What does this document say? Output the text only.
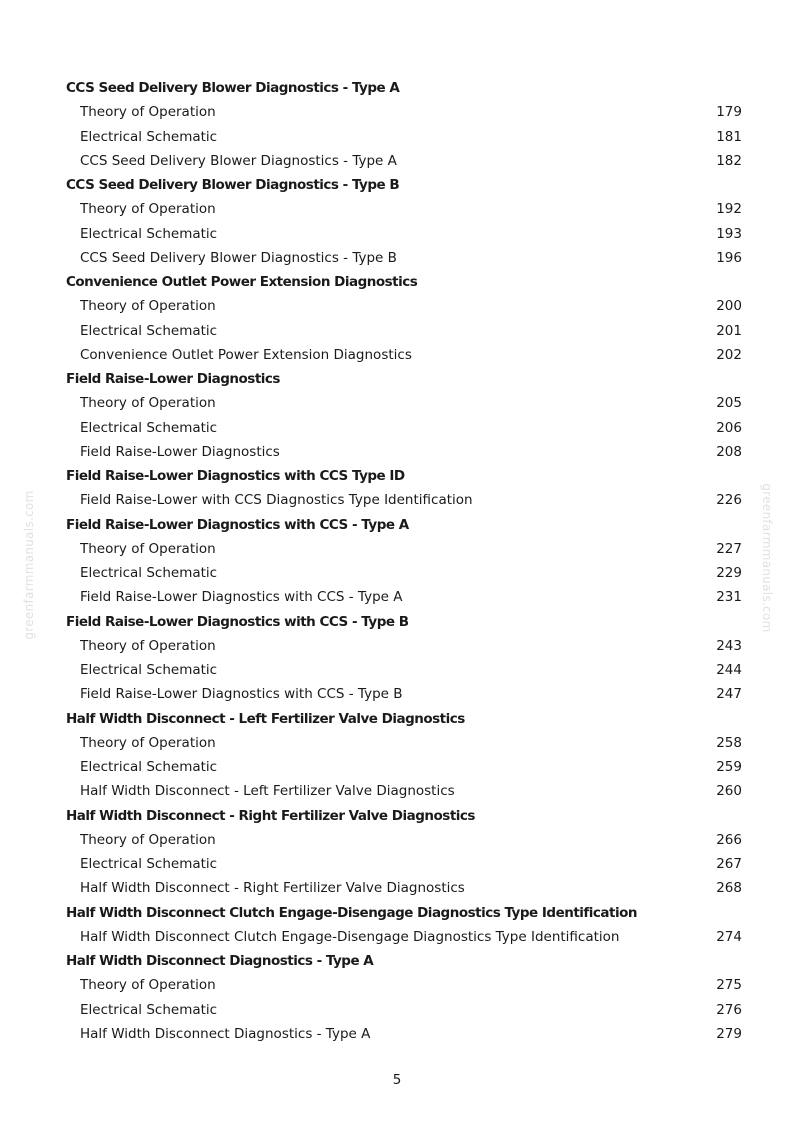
greenfarmmanuals.com	greenfarmmanuals.com
CCS Seed Delivery Blower Diagnostics - Type A
Theory of Operation	179
Electrical Schematic	181
CCS Seed Delivery Blower Diagnostics - Type A	182
CCS Seed Delivery Blower Diagnostics - Type B
Theory of Operation	192
Electrical Schematic	193
CCS Seed Delivery Blower Diagnostics - Type B	196
Convenience Outlet Power Extension Diagnostics
Theory of Operation	200
Electrical Schematic	201
Convenience Outlet Power Extension Diagnostics	202
Field Raise-Lower Diagnostics
Theory of Operation	205
Electrical Schematic	206
Field Raise-Lower Diagnostics	208
Field Raise-Lower Diagnostics with CCS Type ID
Field Raise-Lower with CCS Diagnostics Type Identification	226
Field Raise-Lower Diagnostics with CCS - Type A
Theory of Operation	227
Electrical Schematic	229
Field Raise-Lower Diagnostics with CCS - Type A	231
Field Raise-Lower Diagnostics with CCS - Type B
Theory of Operation	243
Electrical Schematic	244
Field Raise-Lower Diagnostics with CCS - Type B	247
Half Width Disconnect - Left Fertilizer Valve Diagnostics
Theory of Operation	258
Electrical Schematic	259
Half Width Disconnect - Left Fertilizer Valve Diagnostics	260
Half Width Disconnect - Right Fertilizer Valve Diagnostics
Theory of Operation	266
Electrical Schematic	267
Half Width Disconnect - Right Fertilizer Valve Diagnostics	268
Half Width Disconnect Clutch Engage-Disengage Diagnostics Type Identification
Half Width Disconnect Clutch Engage-Disengage Diagnostics Type Identification	274
Half Width Disconnect Diagnostics - Type A
Theory of Operation	275
Electrical Schematic	276
Half Width Disconnect Diagnostics - Type A	279
5
